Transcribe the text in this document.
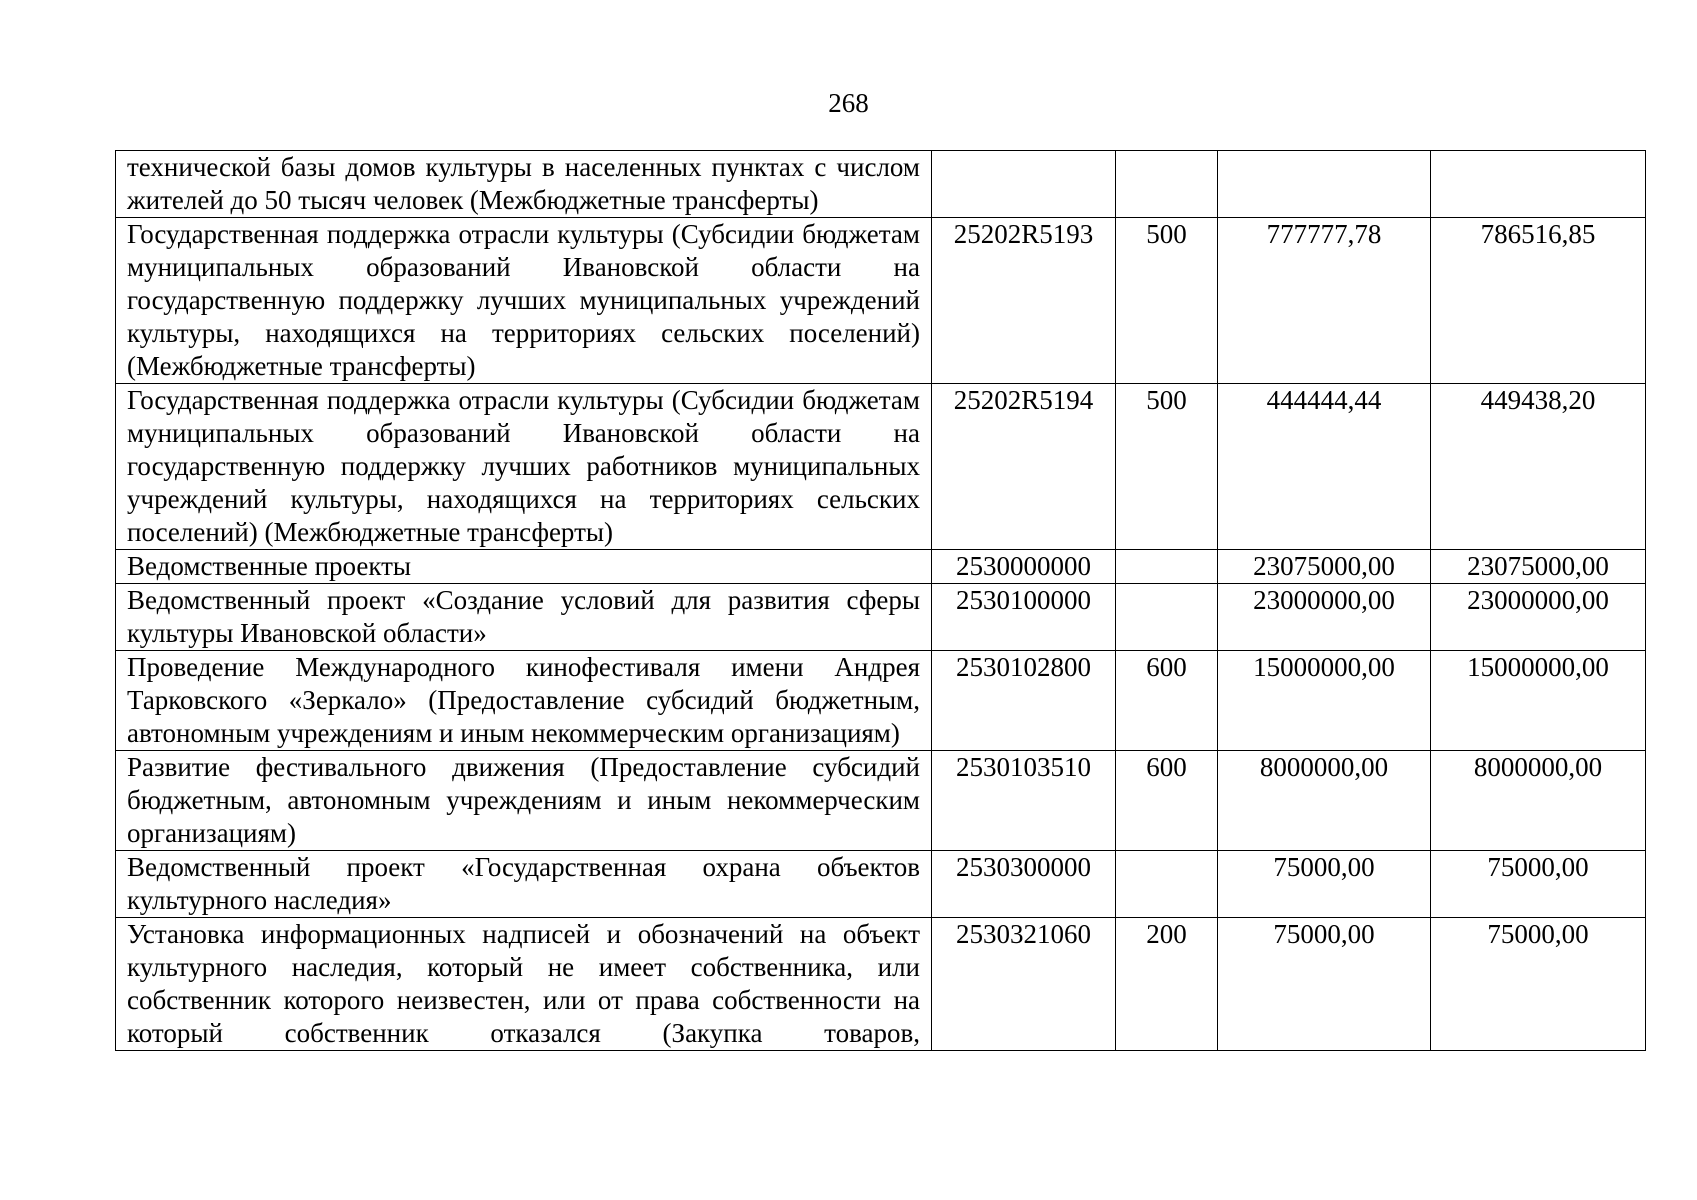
268
технической базы домов культуры в населенных пунктах с числом жителей до 50 тысяч человек (Межбюджетные трансферты)				
Государственная поддержка отрасли культуры (Субсидии бюджетам муниципальных образований Ивановской области на государственную поддержку лучших муниципальных учреждений культуры, находящихся на территориях сельских поселений) (Межбюджетные трансферты)	25202R5193	500	777777,78	786516,85
Государственная поддержка отрасли культуры (Субсидии бюджетам муниципальных образований Ивановской области на государственную поддержку лучших работников муниципальных учреждений культуры, находящихся на территориях сельских поселений) (Межбюджетные трансферты)	25202R5194	500	444444,44	449438,20
Ведомственные проекты	2530000000		23075000,00	23075000,00
Ведомственный проект «Создание условий для развития сферы культуры Ивановской области»	2530100000		23000000,00	23000000,00
Проведение Международного кинофестиваля имени Андрея Тарковского «Зеркало» (Предоставление субсидий бюджетным, автономным учреждениям и иным некоммерческим организациям)	2530102800	600	15000000,00	15000000,00
Развитие фестивального движения (Предоставление субсидий бюджетным, автономным учреждениям и иным некоммерческим организациям)	2530103510	600	8000000,00	8000000,00
Ведомственный проект «Государственная охрана объектов культурного наследия»	2530300000		75000,00	75000,00
Установка информационных надписей и обозначений на объект культурного наследия, который не имеет собственника, или собственник которого неизвестен, или от права собственности на который собственник отказался (Закупка товаров,	2530321060	200	75000,00	75000,00
